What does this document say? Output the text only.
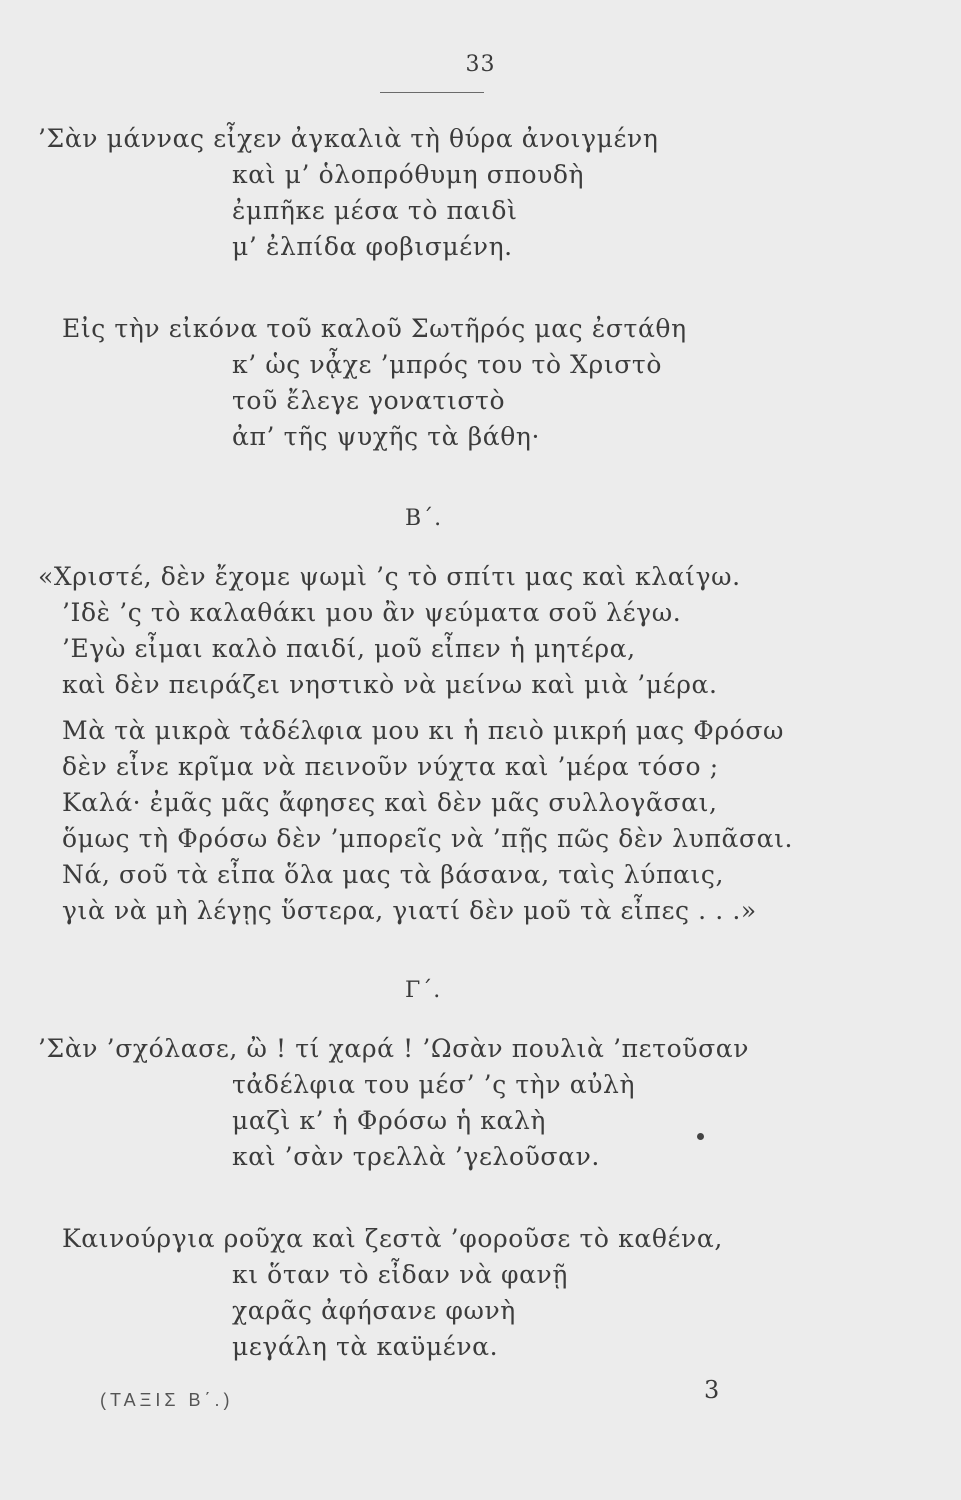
33
’Σὰν μάννας εἶχεν ἀγκαλιὰ τὴ θύρα ἀνοιγμένη
καὶ μ’ ὁλοπρόθυμη σπουδὴ
ἐμπῆκε μέσα τὸ παιδὶ
μ’ ἐλπίδα φοβισμένη.
Εἰς τὴν εἰκόνα τοῦ καλοῦ Σωτῆρός μας ἐστάθη
κ’ ὡς νᾆχε ’μπρός του τὸ Χριστὸ
τοῦ ἔλεγε γονατιστὸ
ἀπ’ τῆς ψυχῆς τὰ βάθη·
Β΄.
«Χριστέ, δὲν ἔχομε ψωμὶ ’ς τὸ σπίτι μας καὶ κλαίγω.
’Ιδὲ ’ς τὸ καλαθάκι μου ἂν ψεύματα σοῦ λέγω.
’Εγὼ εἶμαι καλὸ παιδί, μοῦ εἶπεν ἡ μητέρα,
καὶ δὲν πειράζει νηστικὸ νὰ μείνω καὶ μιὰ ’μέρα.
Μὰ τὰ μικρὰ τἀδέλφια μου κι ἡ πειὸ μικρή μας Φρόσω
δὲν εἶνε κρῖμα νὰ πεινοῦν νύχτα καὶ ’μέρα τόσο ;
Καλά· ἐμᾶς μᾶς ἄφησες καὶ δὲν μᾶς συλλογᾶσαι,
ὅμως τὴ Φρόσω δὲν ’μπορεῖς νὰ ’πῇς πῶς δὲν λυπᾶσαι.
Νά, σοῦ τὰ εἶπα ὅλα μας τὰ βάσανα, ταὶς λύπαις,
γιὰ νὰ μὴ λέγῃς ὕστερα, γιατί δὲν μοῦ τὰ εἶπες . . .»
Γ΄.
’Σὰν ’σχόλασε, ὢ ! τί χαρά ! ’Ωσὰν πουλιὰ ’πετοῦσαν
τἀδέλφια του μέσ’ ’ς τὴν αὐλὴ
μαζὶ κ’ ἡ Φρόσω ἡ καλὴ
καὶ ’σὰν τρελλὰ ’γελοῦσαν.
Καινούργια ροῦχα καὶ ζεστὰ ’φοροῦσε τὸ καθένα,
κι ὅταν τὸ εἶδαν νὰ φανῇ
χαρᾶς ἀφήσανε φωνὴ
μεγάλη τὰ καϋμένα.
(ΤΑΞΙΣ Β΄.)	3
